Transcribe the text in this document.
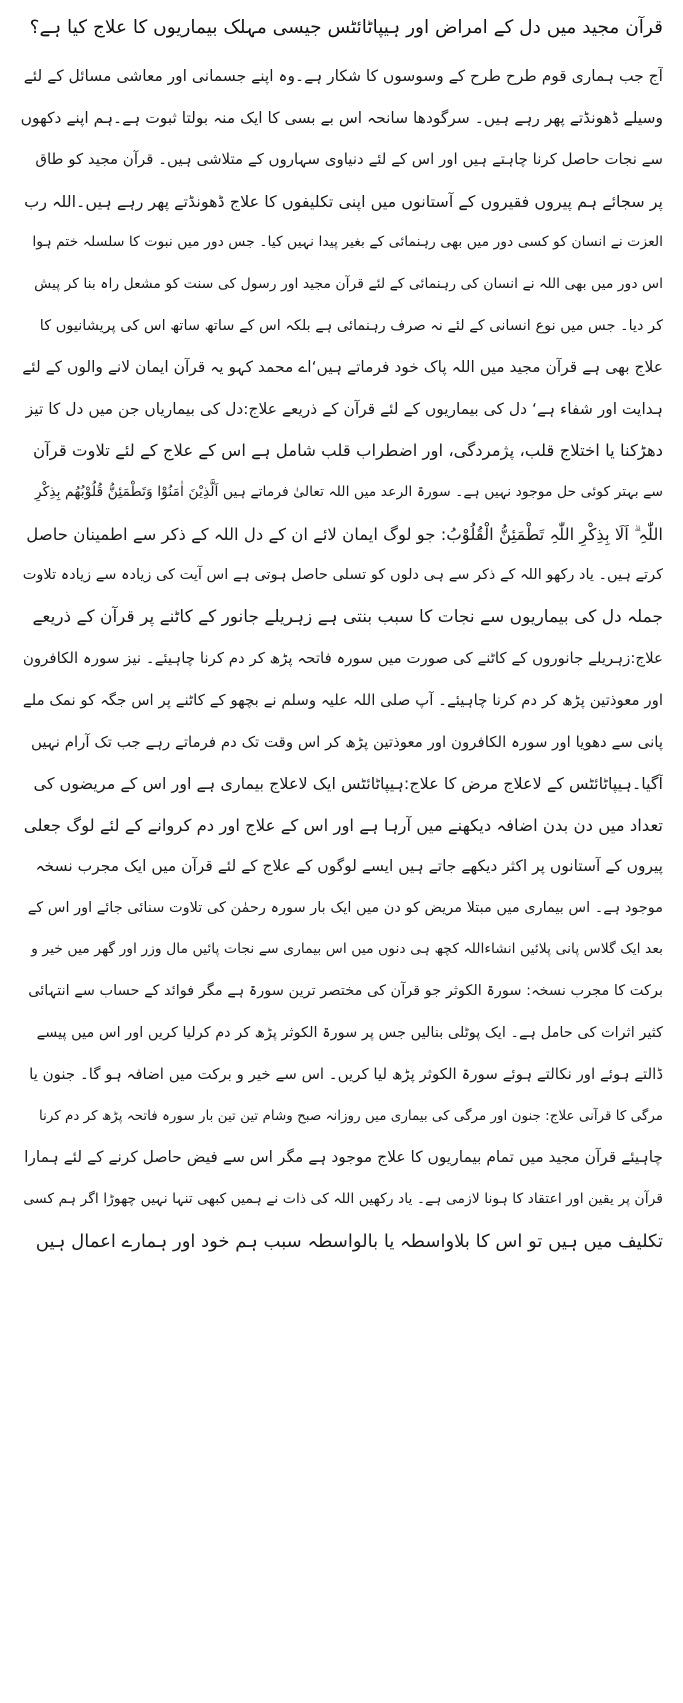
قرآن مجید میں دل کے امراض اور ہیپاٹائٹس جیسی مہلک بیماریوں کا علاج کیا ہے؟

آج جب ہماری قوم طرح طرح کے وسوسوں کا شکار ہے۔وہ اپنے جسمانی اور معاشی مسائل کے لئے

وسیلے ڈھونڈتے پھر رہے ہیں۔ سرگودھا سانحہ اس بے بسی کا ایک منہ بولتا ثبوت ہے۔ہم اپنے دکھوں

سے نجات حاصل کرنا چاہتے ہیں اور اس کے لئے دنیاوی سہاروں کے متلاشی ہیں۔ قرآن مجید کو طاق

پر سجائے ہم پیروں فقیروں کے آستانوں میں اپنی تکلیفوں کا علاج ڈھونڈتے پھر رہے ہیں۔اللہ رب

العزت نے انسان کو کسی دور میں بھی رہنمائی کے بغیر پیدا نہیں کیا۔ جس دور میں نبوت کا سلسلہ ختم ہوا

اس دور میں بھی اللہ نے انسان کی رہنمائی کے لئے قرآن مجید اور رسول کی سنت کو مشعل راہ بنا کر پیش

کر دیا۔ جس میں نوع انسانی کے لئے نہ صرف رہنمائی ہے بلکہ اس کے ساتھ ساتھ اس کی پریشانیوں کا

علاج بھی ہے قرآن مجید میں اللہ پاک خود فرماتے ہیں‘اے محمد کہو یہ قرآن ایمان لانے والوں کے لئے

ہدایت اور شفاء ہے‘ دل کی بیماریوں کے لئے قرآن کے ذریعے علاج:دل کی بیماریاں جن میں دل کا تیز

دھڑکنا یا اختلاج قلب، پژمردگی، اور اضطراب قلب شامل ہے اس کے علاج کے لئے تلاوت قرآن

سے بہتر کوئی حل موجود نہیں ہے۔ سورۃ الرعد میں اللہ تعالیٰ فرماتے ہیں اَلَّذِيْنَ اٰمَنُوْا وَتَطْمَئِنُّ قُلُوْبُهُم بِذِكْرِ

اللّٰہِ ۗ اَلَا بِذِكْرِ اللّٰہِ تَطْمَئِنُّ الْقُلُوْبُ: جو لوگ ایمان لائے ان کے دل اللہ کے ذکر سے اطمینان حاصل

کرتے ہیں۔ یاد رکھو اللہ کے ذکر سے ہی دلوں کو تسلی حاصل ہوتی ہے اس آیت کی زیادہ سے زیادہ تلاوت

جملہ دل کی بیماریوں سے نجات کا سبب بنتی ہے زہریلے جانور کے کاٹنے پر قرآن کے ذریعے

علاج:زہریلے جانوروں کے کاٹنے کی صورت میں سورہ فاتحہ پڑھ کر دم کرنا چاہیئے۔ نیز سورہ الکافرون

اور معوذتین پڑھ کر دم کرنا چاہیئے۔ آپ صلی اللہ علیہ وسلم نے بچھو کے کاٹنے پر اس جگہ کو نمک ملے

پانی سے دھویا اور سورہ الکافرون اور معوذتین پڑھ کر اس وقت تک دم فرماتے رہے جب تک آرام نہیں

آگیا۔ہیپاٹائٹس کے لاعلاج مرض کا علاج:ہیپاٹائٹس ایک لاعلاج بیماری ہے اور اس کے مریضوں کی

تعداد میں دن بدن اضافہ دیکھنے میں آرہا ہے اور اس کے علاج اور دم کروانے کے لئے لوگ جعلی

پیروں کے آستانوں پر اکثر دیکھے جاتے ہیں ایسے لوگوں کے علاج کے لئے قرآن میں ایک مجرب نسخہ

موجود ہے۔ اس بیماری میں مبتلا مریض کو دن میں ایک بار سورہ رحمٰن کی تلاوت سنائی جائے اور اس کے

بعد ایک گلاس پانی پلائیں انشاءاللہ کچھ ہی دنوں میں اس بیماری سے نجات پائیں مال وزر اور گھر میں خیر و

برکت کا مجرب نسخہ: سورۃ الکوثر جو قرآن کی مختصر ترین سورۃ ہے مگر فوائد کے حساب سے انتہائی

کثیر اثرات کی حامل ہے۔ ایک پوٹلی بنالیں جس پر سورۃ الکوثر پڑھ کر دم کرلیا کریں اور اس میں پیسے

ڈالتے ہوئے اور نکالتے ہوئے سورۃ الکوثر پڑھ لیا کریں۔ اس سے خیر و برکت میں اضافہ ہو گا۔ جنون یا

مرگی کا قرآنی علاج: جنون اور مرگی کی بیماری میں روزانہ صبح وشام تین تین بار سورہ فاتحہ پڑھ کر دم کرنا

چاہیئے قرآن مجید میں تمام بیماریوں کا علاج موجود ہے مگر اس سے فیض حاصل کرنے کے لئے ہمارا

قرآن پر یقین اور اعتقاد کا ہونا لازمی ہے۔ یاد رکھیں اللہ کی ذات نے ہمیں کبھی تنہا نہیں چھوڑا اگر ہم کسی

تکلیف میں ہیں تو اس کا بلاواسطہ یا بالواسطہ سبب ہم خود اور ہمارے اعمال ہیں
